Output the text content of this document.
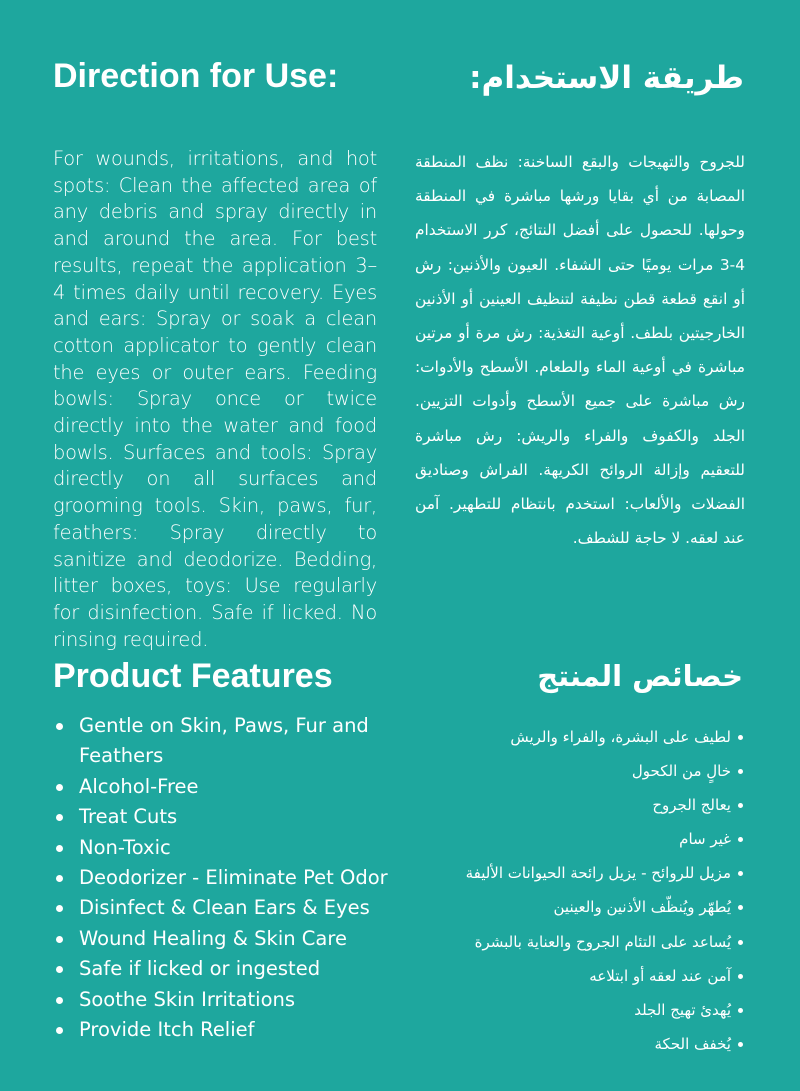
Direction for Use:	طريقة الاستخدام:

For wounds, irritations, and hot spots: Clean the affected area of any debris and spray directly in and around the area. For best results, repeat the application 3–4 times daily until recovery. Eyes and ears: Spray or soak a clean cotton applicator to gently clean the eyes or outer ears. Feeding bowls: Spray once or twice directly into the water and food bowls. Surfaces and tools: Spray directly on all surfaces and grooming tools. Skin, paws, fur, feathers: Spray directly to sanitize and deodorize. Bedding, litter boxes, toys: Use regularly for disinfection. Safe if licked. No rinsing required.

للجروح والتهيجات والبقع الساخنة: نظف المنطقة المصابة من أي بقايا ورشها مباشرة في المنطقة وحولها. للحصول على أفضل النتائج، كرر الاستخدام 4-3 مرات يوميًا حتى الشفاء. العيون والأذنين: رش أو انقع قطعة قطن نظيفة لتنظيف العينين أو الأذنين الخارجيتين بلطف. أوعية التغذية: رش مرة أو مرتين مباشرة في أوعية الماء والطعام. الأسطح والأدوات: رش مباشرة على جميع الأسطح وأدوات التزيين. الجلد والكفوف والفراء والريش: رش مباشرة للتعقيم وإزالة الروائح الكريهة. الفراش وصناديق الفضلات والألعاب: استخدم بانتظام للتطهير. آمن عند لعقه. لا حاجة للشطف.

Product Features	خصائص المنتج
Gentle on Skin, Paws, Fur and Feathers
Alcohol-Free
Treat Cuts
Non-Toxic
Deodorizer - Eliminate Pet Odor
Disinfect & Clean Ears & Eyes
Wound Healing & Skin Care
Safe if licked or ingested
Soothe Skin Irritations
Provide Itch Relief
لطيف على البشرة، والفراء والريش
خالٍ من الكحول
يعالج الجروح
غير سام
مزيل للروائح - يزيل رائحة الحيوانات الأليفة
يُطهّر ويُنظّف الأذنين والعينين
يُساعد على التئام الجروح والعناية بالبشرة
آمن عند لعقه أو ابتلاعه
يُهدئ تهيج الجلد
يُخفف الحكة
